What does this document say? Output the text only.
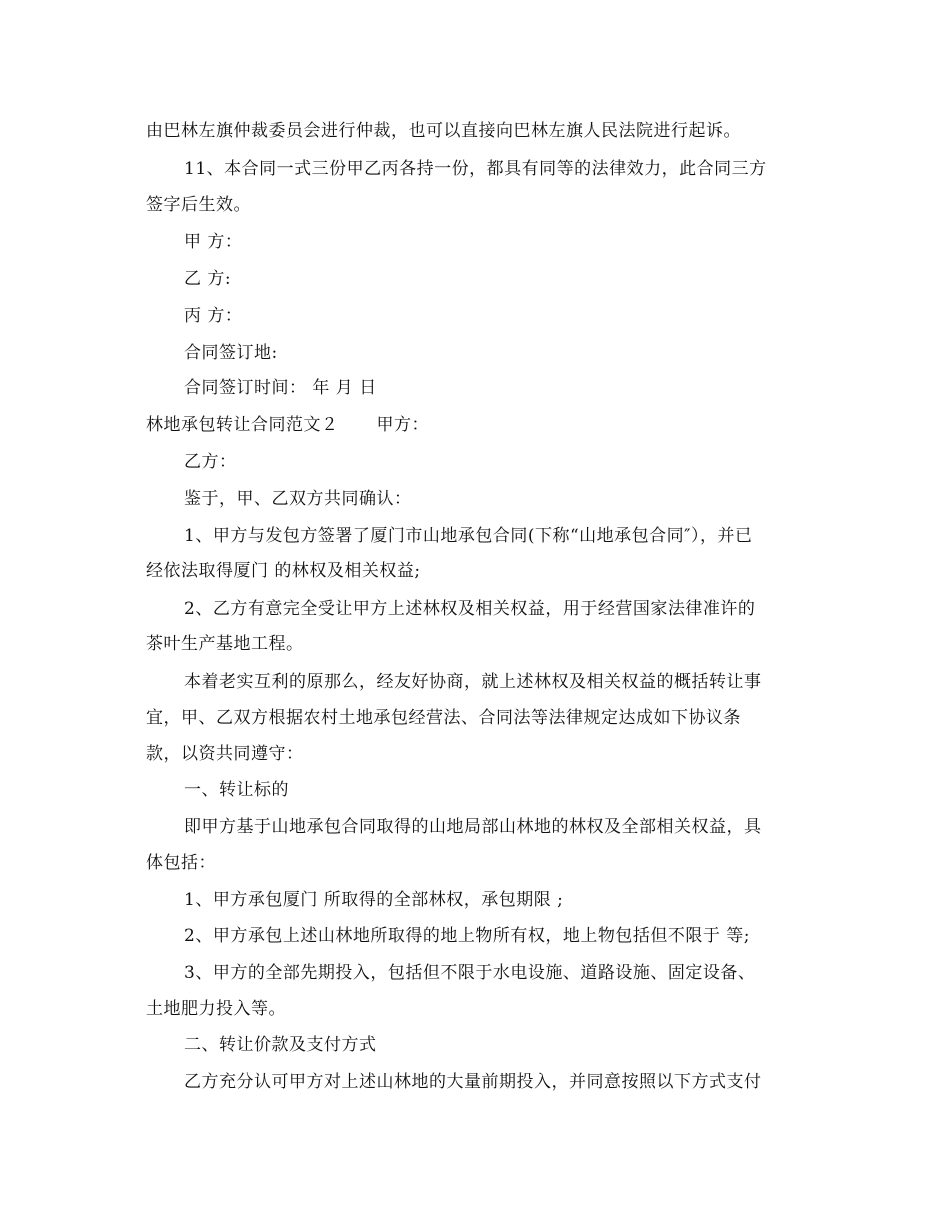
由巴林左旗仲裁委员会进行仲裁，也可以直接向巴林左旗人民法院进行起诉。
11、本合同一式三份甲乙丙各持一份，都具有同等的法律效力，此合同三方
签字后生效。
甲 方：
乙 方:
丙 方：
合同签订地:
合同签订时间： 年 月 日
林地承包转让合同范文２ 甲方：
乙方：
鉴于，甲、乙双方共同确认：
1、甲方与发包方签署了厦门市山地承包合同(下称“山地承包合同″），并已
经依法取得厦门 的林权及相关权益;
2、乙方有意完全受让甲方上述林权及相关权益，用于经营国家法律准许的
茶叶生产基地工程。
本着老实互利的原那么，经友好协商，就上述林权及相关权益的概括转让事
宜，甲、乙双方根据农村土地承包经营法、合同法等法律规定达成如下协议条
款，以资共同遵守：
一、转让标的
即甲方基于山地承包合同取得的山地局部山林地的林权及全部相关权益，具
体包括：
1、甲方承包厦门 所取得的全部林权，承包期限 ;
2、甲方承包上述山林地所取得的地上物所有权，地上物包括但不限于 等;
3、甲方的全部先期投入，包括但不限于水电设施、道路设施、固定设备、
土地肥力投入等。
二、转让价款及支付方式
乙方充分认可甲方对上述山林地的大量前期投入，并同意按照以下方式支付
